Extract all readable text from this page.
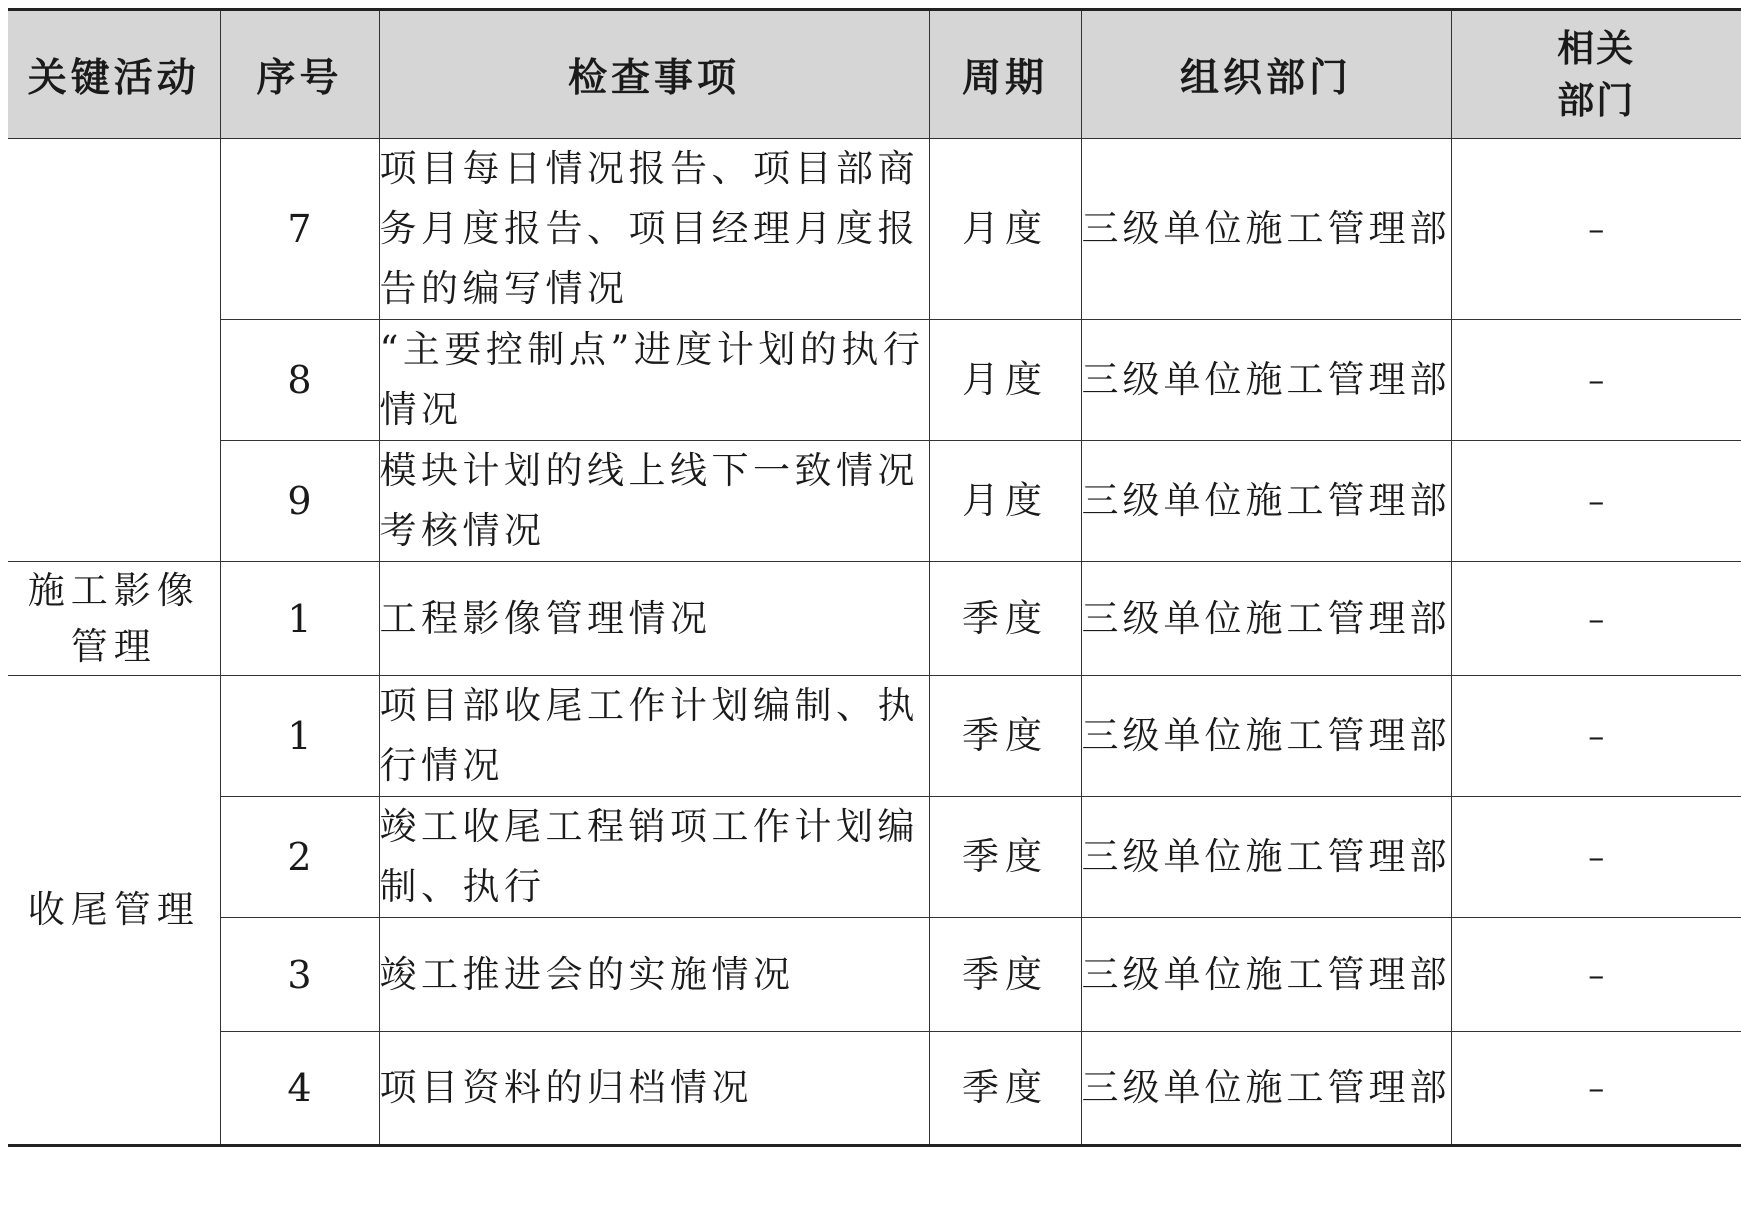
关键活动	序号	检查事项	周期	组织部门	相关部门

	7	项目每日情况报告、项目部商务月度报告、项目经理月度报告的编写情况	月度	三级单位施工管理部	–
	8	“主要控制点”进度计划的执行情况	月度	三级单位施工管理部	–
	9	模块计划的线上线下一致情况考核情况	月度	三级单位施工管理部	–

施工影像管理	1	工程影像管理情况	季度	三级单位施工管理部	–

收尾管理	1	项目部收尾工作计划编制、执行情况	季度	三级单位施工管理部	–
	2	竣工收尾工程销项工作计划编制、执行	季度	三级单位施工管理部	–
	3	竣工推进会的实施情况	季度	三级单位施工管理部	–
	4	项目资料的归档情况	季度	三级单位施工管理部	–
